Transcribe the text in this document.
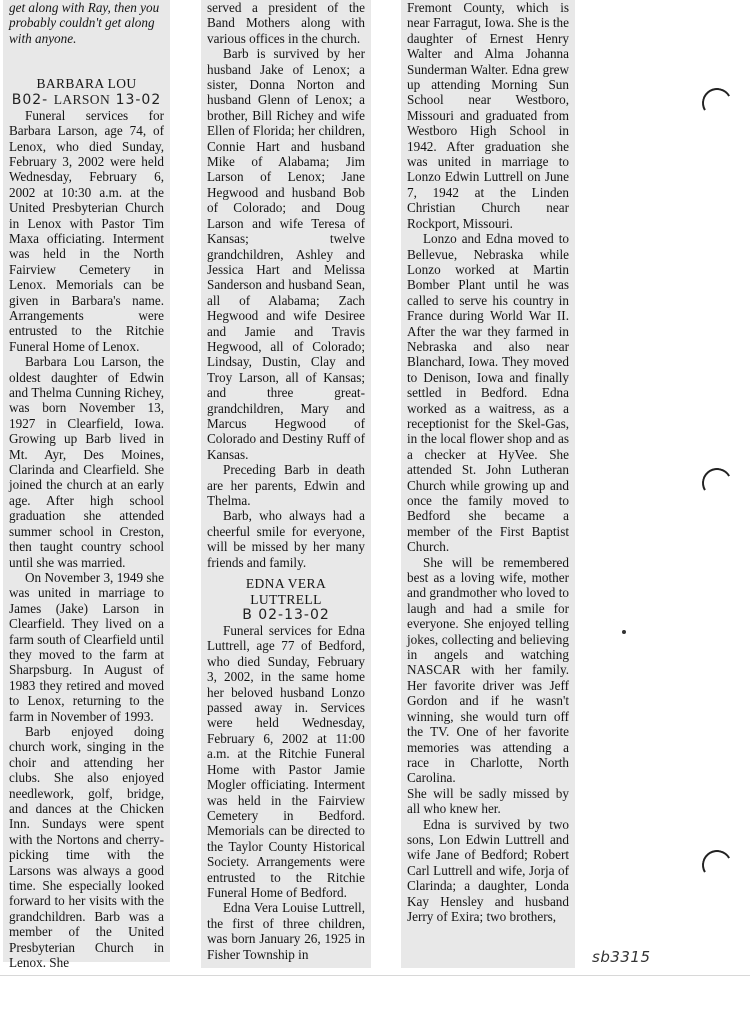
get along with Ray, then you probably couldn't get along with anyone.
BARBARA LOU
B02- LARSON 13-02

Funeral services for Barbara Larson, age 74, of Lenox, who died Sunday, February 3, 2002 were held Wednesday, February 6, 2002 at 10:30 a.m. at the United Presbyterian Church in Lenox with Pastor Tim Maxa officiating. Interment was held in the North Fairview Cemetery in Lenox. Memorials can be given in Barbara's name. Arrangements were entrusted to the Ritchie Funeral Home of Lenox.

Barbara Lou Larson, the oldest daughter of Edwin and Thelma Cunning Richey, was born November 13, 1927 in Clearfield, Iowa. Growing up Barb lived in Mt. Ayr, Des Moines, Clarinda and Clearfield. She joined the church at an early age. After high school graduation she attended summer school in Creston, then taught country school until she was married.

On November 3, 1949 she was united in marriage to James (Jake) Larson in Clearfield. They lived on a farm south of Clearfield until they moved to the farm at Sharpsburg. In August of 1983 they retired and moved to Lenox, returning to the farm in November of 1993.

Barb enjoyed doing church work, singing in the choir and attending her clubs. She also enjoyed needlework, golf, bridge, and dances at the Chicken Inn. Sundays were spent with the Nortons and cherry-picking time with the Larsons was always a good time. She especially looked forward to her visits with the grandchildren. Barb was a member of the United Presbyterian Church in Lenox. She

served a president of the Band Mothers along with various offices in the church.

Barb is survived by her husband Jake of Lenox; a sister, Donna Norton and husband Glenn of Lenox; a brother, Bill Richey and wife Ellen of Florida; her children, Connie Hart and husband Mike of Alabama; Jim Larson of Lenox; Jane Hegwood and husband Bob of Colorado; and Doug Larson and wife Teresa of Kansas; twelve grandchildren, Ashley and Jessica Hart and Melissa Sanderson and husband Sean, all of Alabama; Zach Hegwood and wife Desiree and Jamie and Travis Hegwood, all of Colorado; Lindsay, Dustin, Clay and Troy Larson, all of Kansas; and three great-grandchildren, Mary and Marcus Hegwood of Colorado and Destiny Ruff of Kansas.

Preceding Barb in death are her parents, Edwin and Thelma.

Barb, who always had a cheerful smile for everyone, will be missed by her many friends and family.

EDNA VERA
LUTTRELL
B 02-13-02

Funeral services for Edna Luttrell, age 77 of Bedford, who died Sunday, February 3, 2002, in the same home her beloved husband Lonzo passed away in. Services were held Wednesday, February 6, 2002 at 11:00 a.m. at the Ritchie Funeral Home with Pastor Jamie Mogler officiating. Interment was held in the Fairview Cemetery in Bedford. Memorials can be directed to the Taylor County Historical Society. Arrangements were entrusted to the Ritchie Funeral Home of Bedford.

Edna Vera Louise Luttrell, the first of three children, was born January 26, 1925 in Fisher Township in

Fremont County, which is near Farragut, Iowa. She is the daughter of Ernest Henry Walter and Alma Johanna Sunderman Walter. Edna grew up attending Morning Sun School near Westboro, Missouri and graduated from Westboro High School in 1942. After graduation she was united in marriage to Lonzo Edwin Luttrell on June 7, 1942 at the Linden Christian Church near Rockport, Missouri.

Lonzo and Edna moved to Bellevue, Nebraska while Lonzo worked at Martin Bomber Plant until he was called to serve his country in France during World War II. After the war they farmed in Nebraska and also near Blanchard, Iowa. They moved to Denison, Iowa and finally settled in Bedford. Edna worked as a waitress, as a receptionist for the Skel-Gas, in the local flower shop and as a checker at HyVee. She attended St. John Lutheran Church while growing up and once the family moved to Bedford she became a member of the First Baptist Church.

She will be remembered best as a loving wife, mother and grandmother who loved to laugh and had a smile for everyone. She enjoyed telling jokes, collecting and believing in angels and watching NASCAR with her family. Her favorite driver was Jeff Gordon and if he wasn't winning, she would turn off the TV. One of her favorite memories was attending a race in Charlotte, North Carolina.

She will be sadly missed by all who knew her.

Edna is survived by two sons, Lon Edwin Luttrell and wife Jane of Bedford; Robert Carl Luttrell and wife, Jorja of Clarinda; a daughter, Londa Kay Hensley and husband Jerry of Exira; two brothers,

sb3315
